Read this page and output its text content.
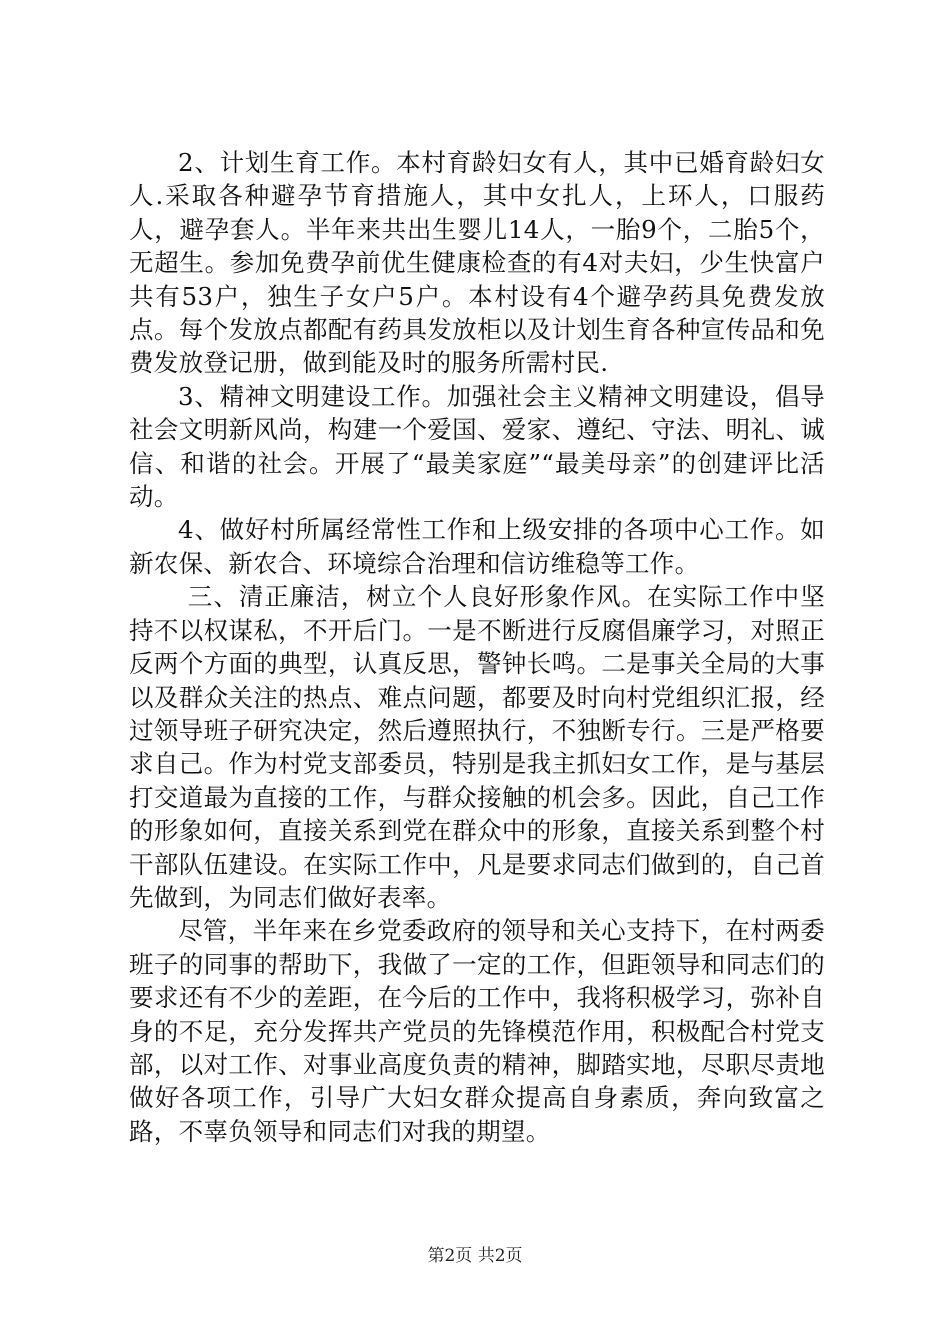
2、计划生育工作。本村育龄妇女有人，其中已婚育龄妇女人.采取各种避孕节育措施人，其中女扎人，上环人，口服药人，避孕套人。半年来共出生婴儿14人，一胎9个，二胎5个，无超生。参加免费孕前优生健康检查的有4对夫妇，少生快富户共有53户，独生子女户5户。本村设有4个避孕药具免费发放点。每个发放点都配有药具发放柜以及计划生育各种宣传品和免费发放登记册，做到能及时的服务所需村民.

3、精神文明建设工作。加强社会主义精神文明建设，倡导社会文明新风尚，构建一个爱国、爱家、遵纪、守法、明礼、诚信、和谐的社会。开展了“最美家庭”“最美母亲”的创建评比活动。

4、做好村所属经常性工作和上级安排的各项中心工作。如新农保、新农合、环境综合治理和信访维稳等工作。

三、清正廉洁，树立个人良好形象作风。在实际工作中坚持不以权谋私，不开后门。一是不断进行反腐倡廉学习，对照正反两个方面的典型，认真反思，警钟长鸣。二是事关全局的大事以及群众关注的热点、难点问题，都要及时向村党组织汇报，经过领导班子研究决定，然后遵照执行，不独断专行。三是严格要求自己。作为村党支部委员，特别是我主抓妇女工作，是与基层打交道最为直接的工作，与群众接触的机会多。因此，自己工作的形象如何，直接关系到党在群众中的形象，直接关系到整个村干部队伍建设。在实际工作中，凡是要求同志们做到的，自己首先做到，为同志们做好表率。

尽管，半年来在乡党委政府的领导和关心支持下，在村两委班子的同事的帮助下，我做了一定的工作，但距领导和同志们的要求还有不少的差距，在今后的工作中，我将积极学习，弥补自身的不足，充分发挥共产党员的先锋模范作用，积极配合村党支部，以对工作、对事业高度负责的精神，脚踏实地，尽职尽责地做好各项工作，引导广大妇女群众提高自身素质，奔向致富之路，不辜负领导和同志们对我的期望。

第2页 共2页
